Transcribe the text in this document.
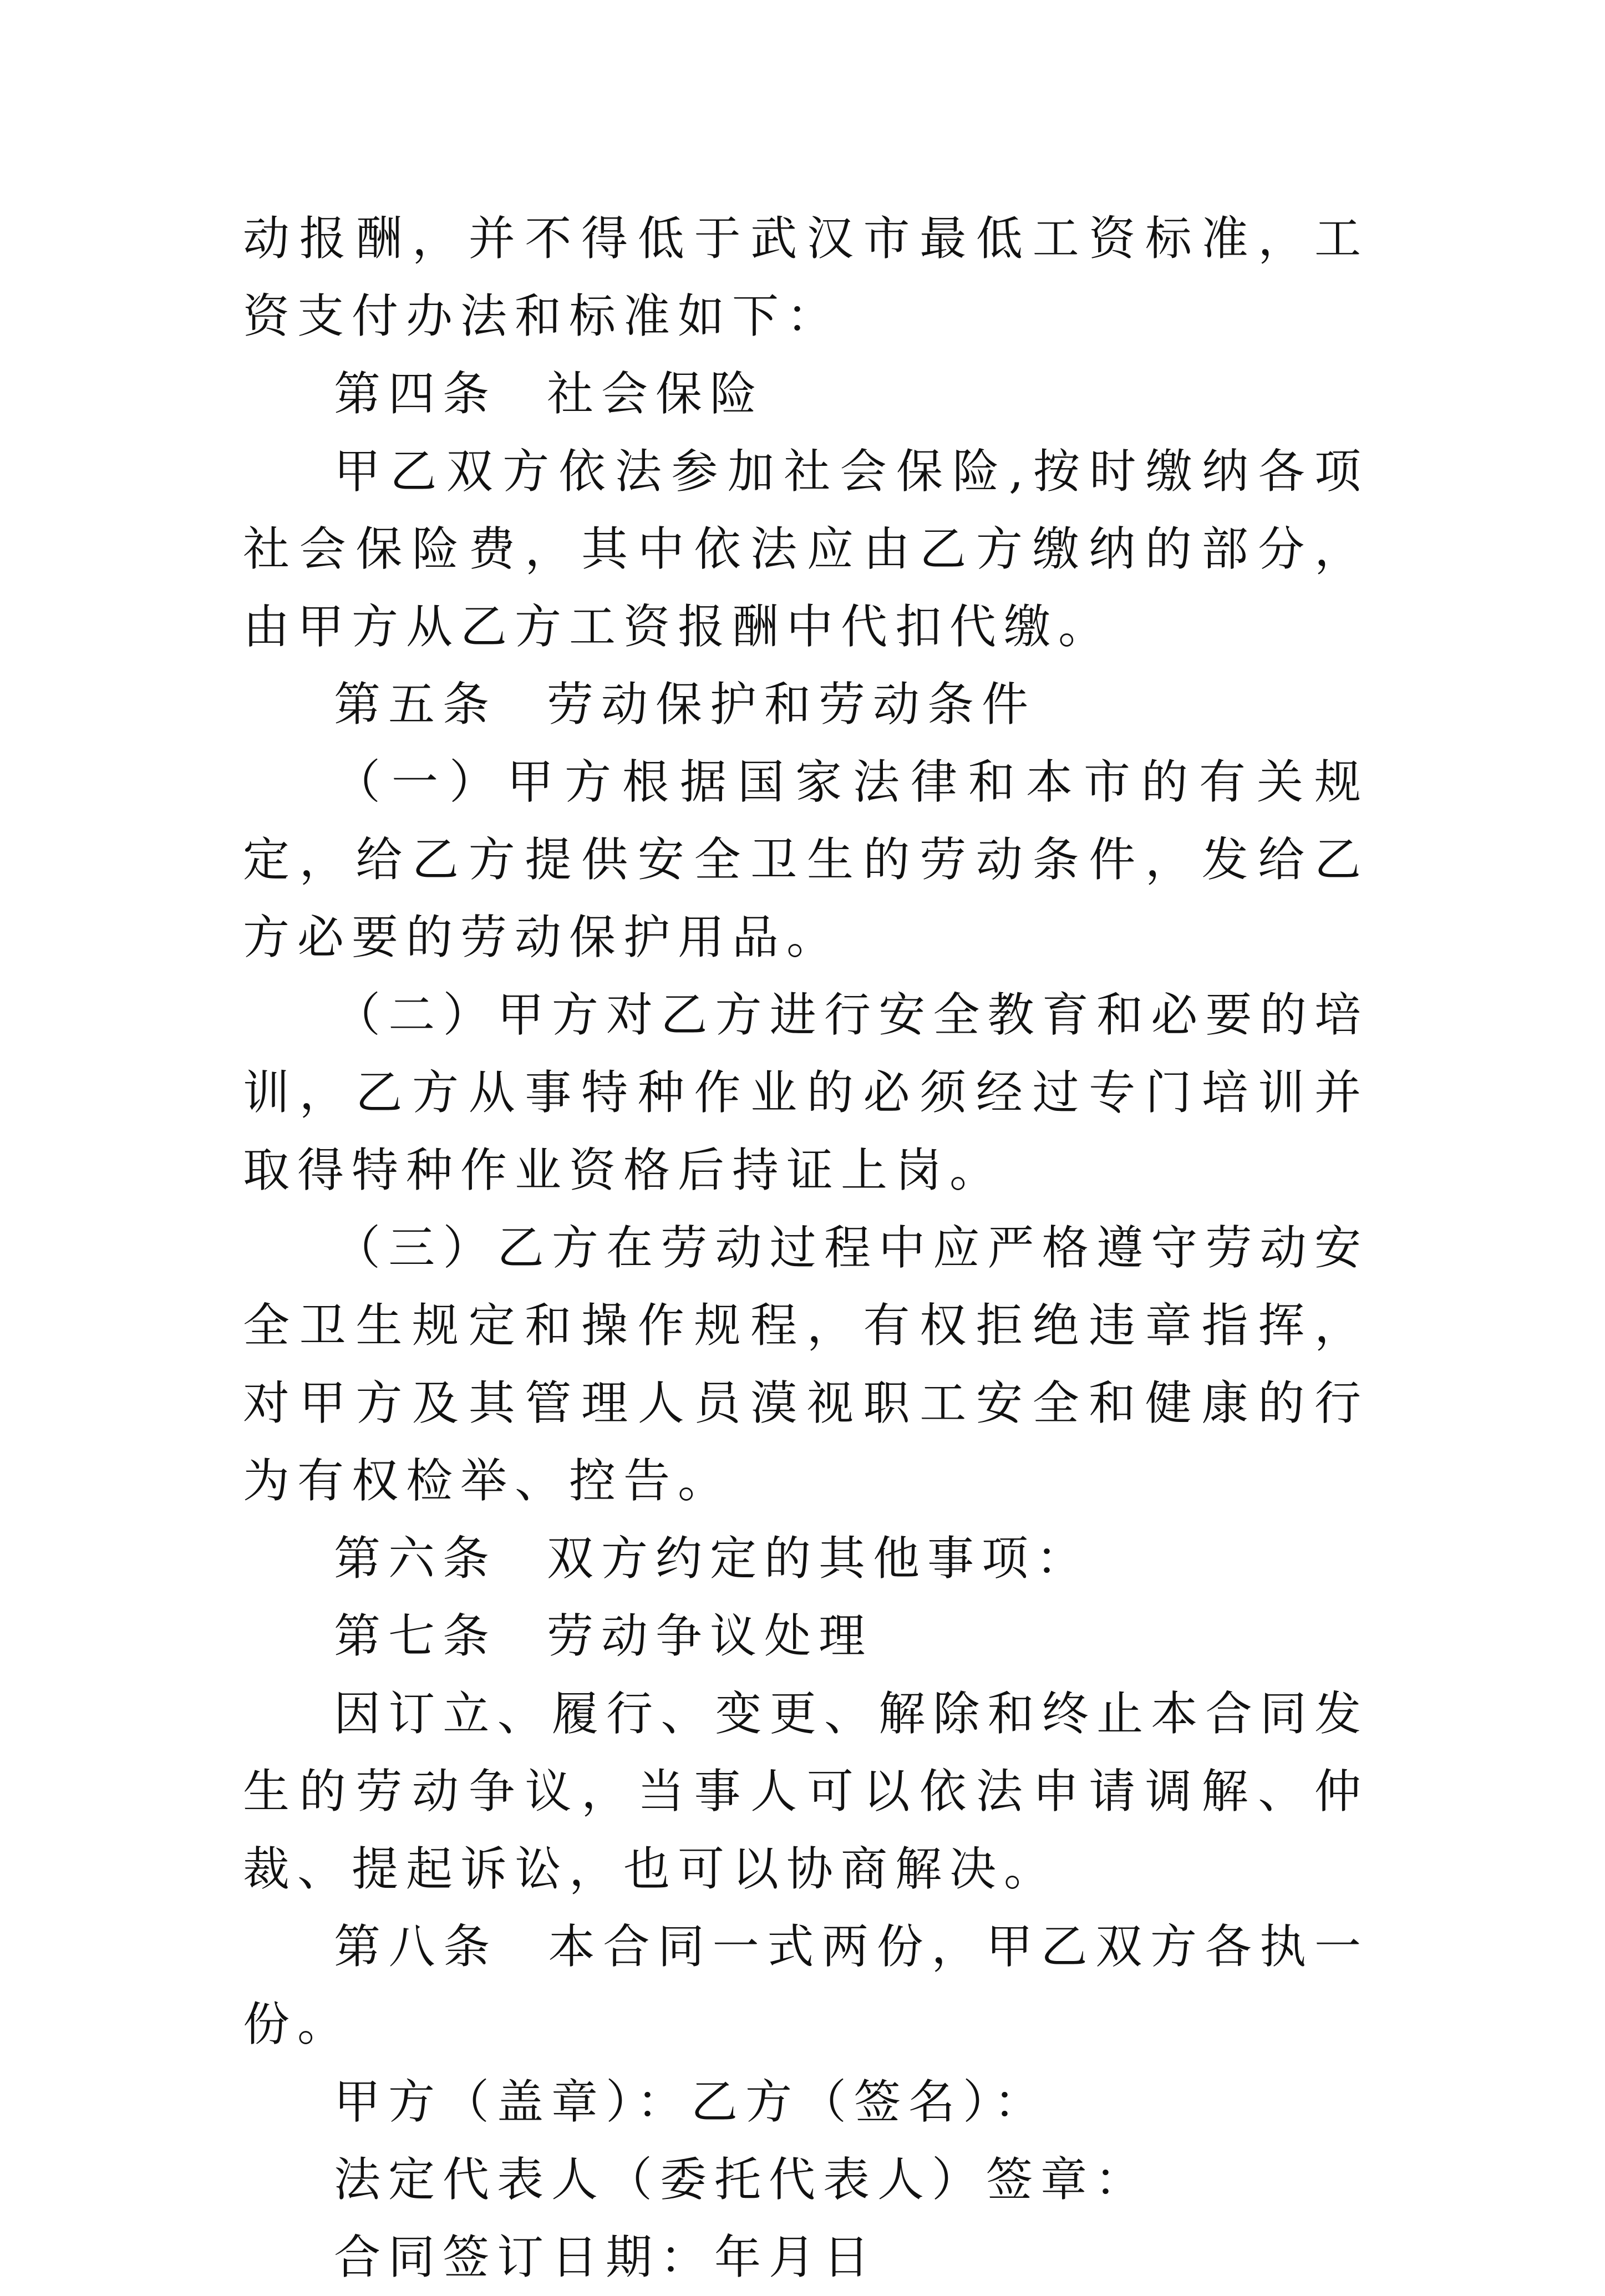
动报酬，并不得低于武汉市最低工资标准，工资支付办法和标准如下：

第四条 社会保险

甲乙双方依法参加社会保险,按时缴纳各项社会保险费，其中依法应由乙方缴纳的部分，由甲方从乙方工资报酬中代扣代缴。

第五条 劳动保护和劳动条件

（一）甲方根据国家法律和本市的有关规定，给乙方提供安全卫生的劳动条件，发给乙方必要的劳动保护用品。

（二）甲方对乙方进行安全教育和必要的培训，乙方从事特种作业的必须经过专门培训并取得特种作业资格后持证上岗。

（三）乙方在劳动过程中应严格遵守劳动安全卫生规定和操作规程，有权拒绝违章指挥，对甲方及其管理人员漠视职工安全和健康的行为有权检举、控告。

第六条 双方约定的其他事项：

第七条 劳动争议处理

因订立、履行、变更、解除和终止本合同发生的劳动争议，当事人可以依法申请调解、仲裁、提起诉讼，也可以协商解决。

第八条 本合同一式两份，甲乙双方各执一份。

甲方（盖章）：乙方（签名）：

法定代表人（委托代表人）签章：

合同签订日期：年月日
